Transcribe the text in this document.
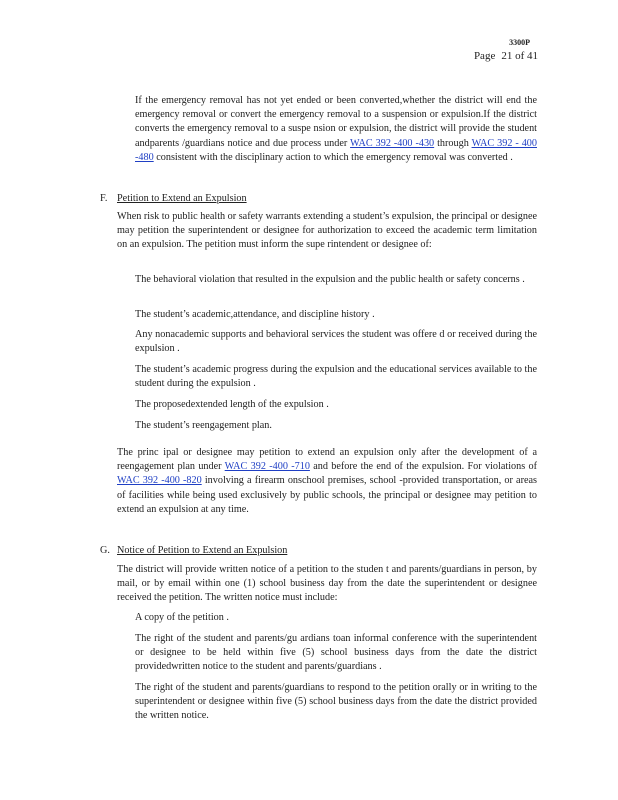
3300P
Page 21 of 41
If the emergency removal has not yet ended or been converted,whether the district will end the emergency removal or convert the emergency removal to a suspension or expulsion.If the district converts the emergency removal to a suspe nsion or expulsion, the district will provide the student andparents /guardians notice and due process under WAC 392 -400 -430 through WAC 392 - 400 -480 consistent with the disciplinary action to which the emergency removal was converted .
F. Petition to Extend an Expulsion
When risk to public health or safety warrants extending a student’s expulsion, the principal or designee may petition the superintendent or designee for authorization to exceed the academic term limitation on an expulsion. The petition must inform the supe rintendent or designee of:
The behavioral violation that resulted in the expulsion and the public health or safety concerns .
The student’s academic,attendance, and discipline history .
Any nonacademic supports and behavioral services the student was offere d or received during the expulsion .
The student’s academic progress during the expulsion and the educational services available to the student during the expulsion .
The proposedextended length of the expulsion .
The student’s reengagement plan.
The princ ipal or designee may petition to extend an expulsion only after the development of a reengagement plan under WAC 392 -400 -710 and before the end of the expulsion. For violations of WAC 392 -400 -820 involving a firearm onschool premises, school -provided transportation, or areas of facilities while being used exclusively by public schools, the principal or designee may petition to extend an expulsion at any time.
G. Notice of Petition to Extend an Expulsion
The district will provide written notice of a petition to the studen t and parents/guardians in person, by mail, or by email within one (1) school business day from the date the superintendent or designee received the petition. The written notice must include:
A copy of the petition .
The right of the student and parents/gu ardians toan informal conference with the superintendent or designee to be held within five (5) school business days from the date the district providedwritten notice to the student and parents/guardians .
The right of the student and parents/guardians to respond to the petition orally or in writing to the superintendent or designee within five (5) school business days from the date the district provided the written notice.
